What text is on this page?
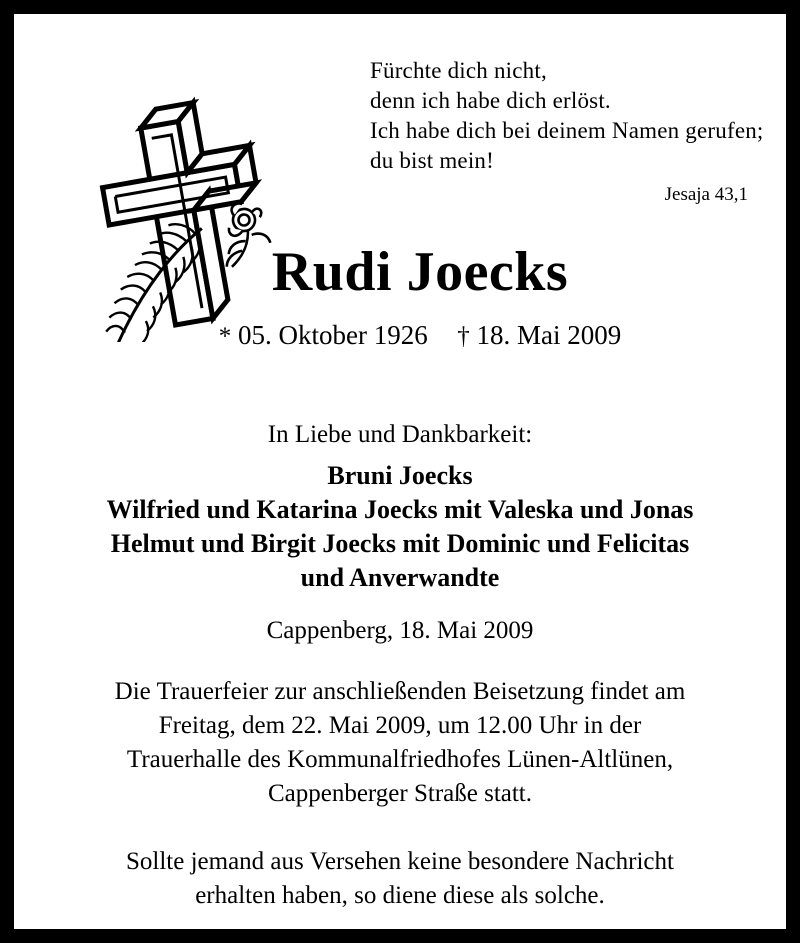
Fürchte dich nicht,
denn ich habe dich erlöst.
Ich habe dich bei deinem Namen gerufen;
du bist mein!
Jesaja 43,1
Rudi Joecks
* 05. Oktober 1926 † 18. Mai 2009
In Liebe und Dankbarkeit:
Bruni Joecks
Wilfried und Katarina Joecks mit Valeska und Jonas
Helmut und Birgit Joecks mit Dominic und Felicitas
und Anverwandte
Cappenberg, 18. Mai 2009
Die Trauerfeier zur anschließenden Beisetzung findet am
Freitag, dem 22. Mai 2009, um 12.00 Uhr in der
Trauerhalle des Kommunalfriedhofes Lünen-Altlünen,
Cappenberger Straße statt.
Sollte jemand aus Versehen keine besondere Nachricht
erhalten haben, so diene diese als solche.
